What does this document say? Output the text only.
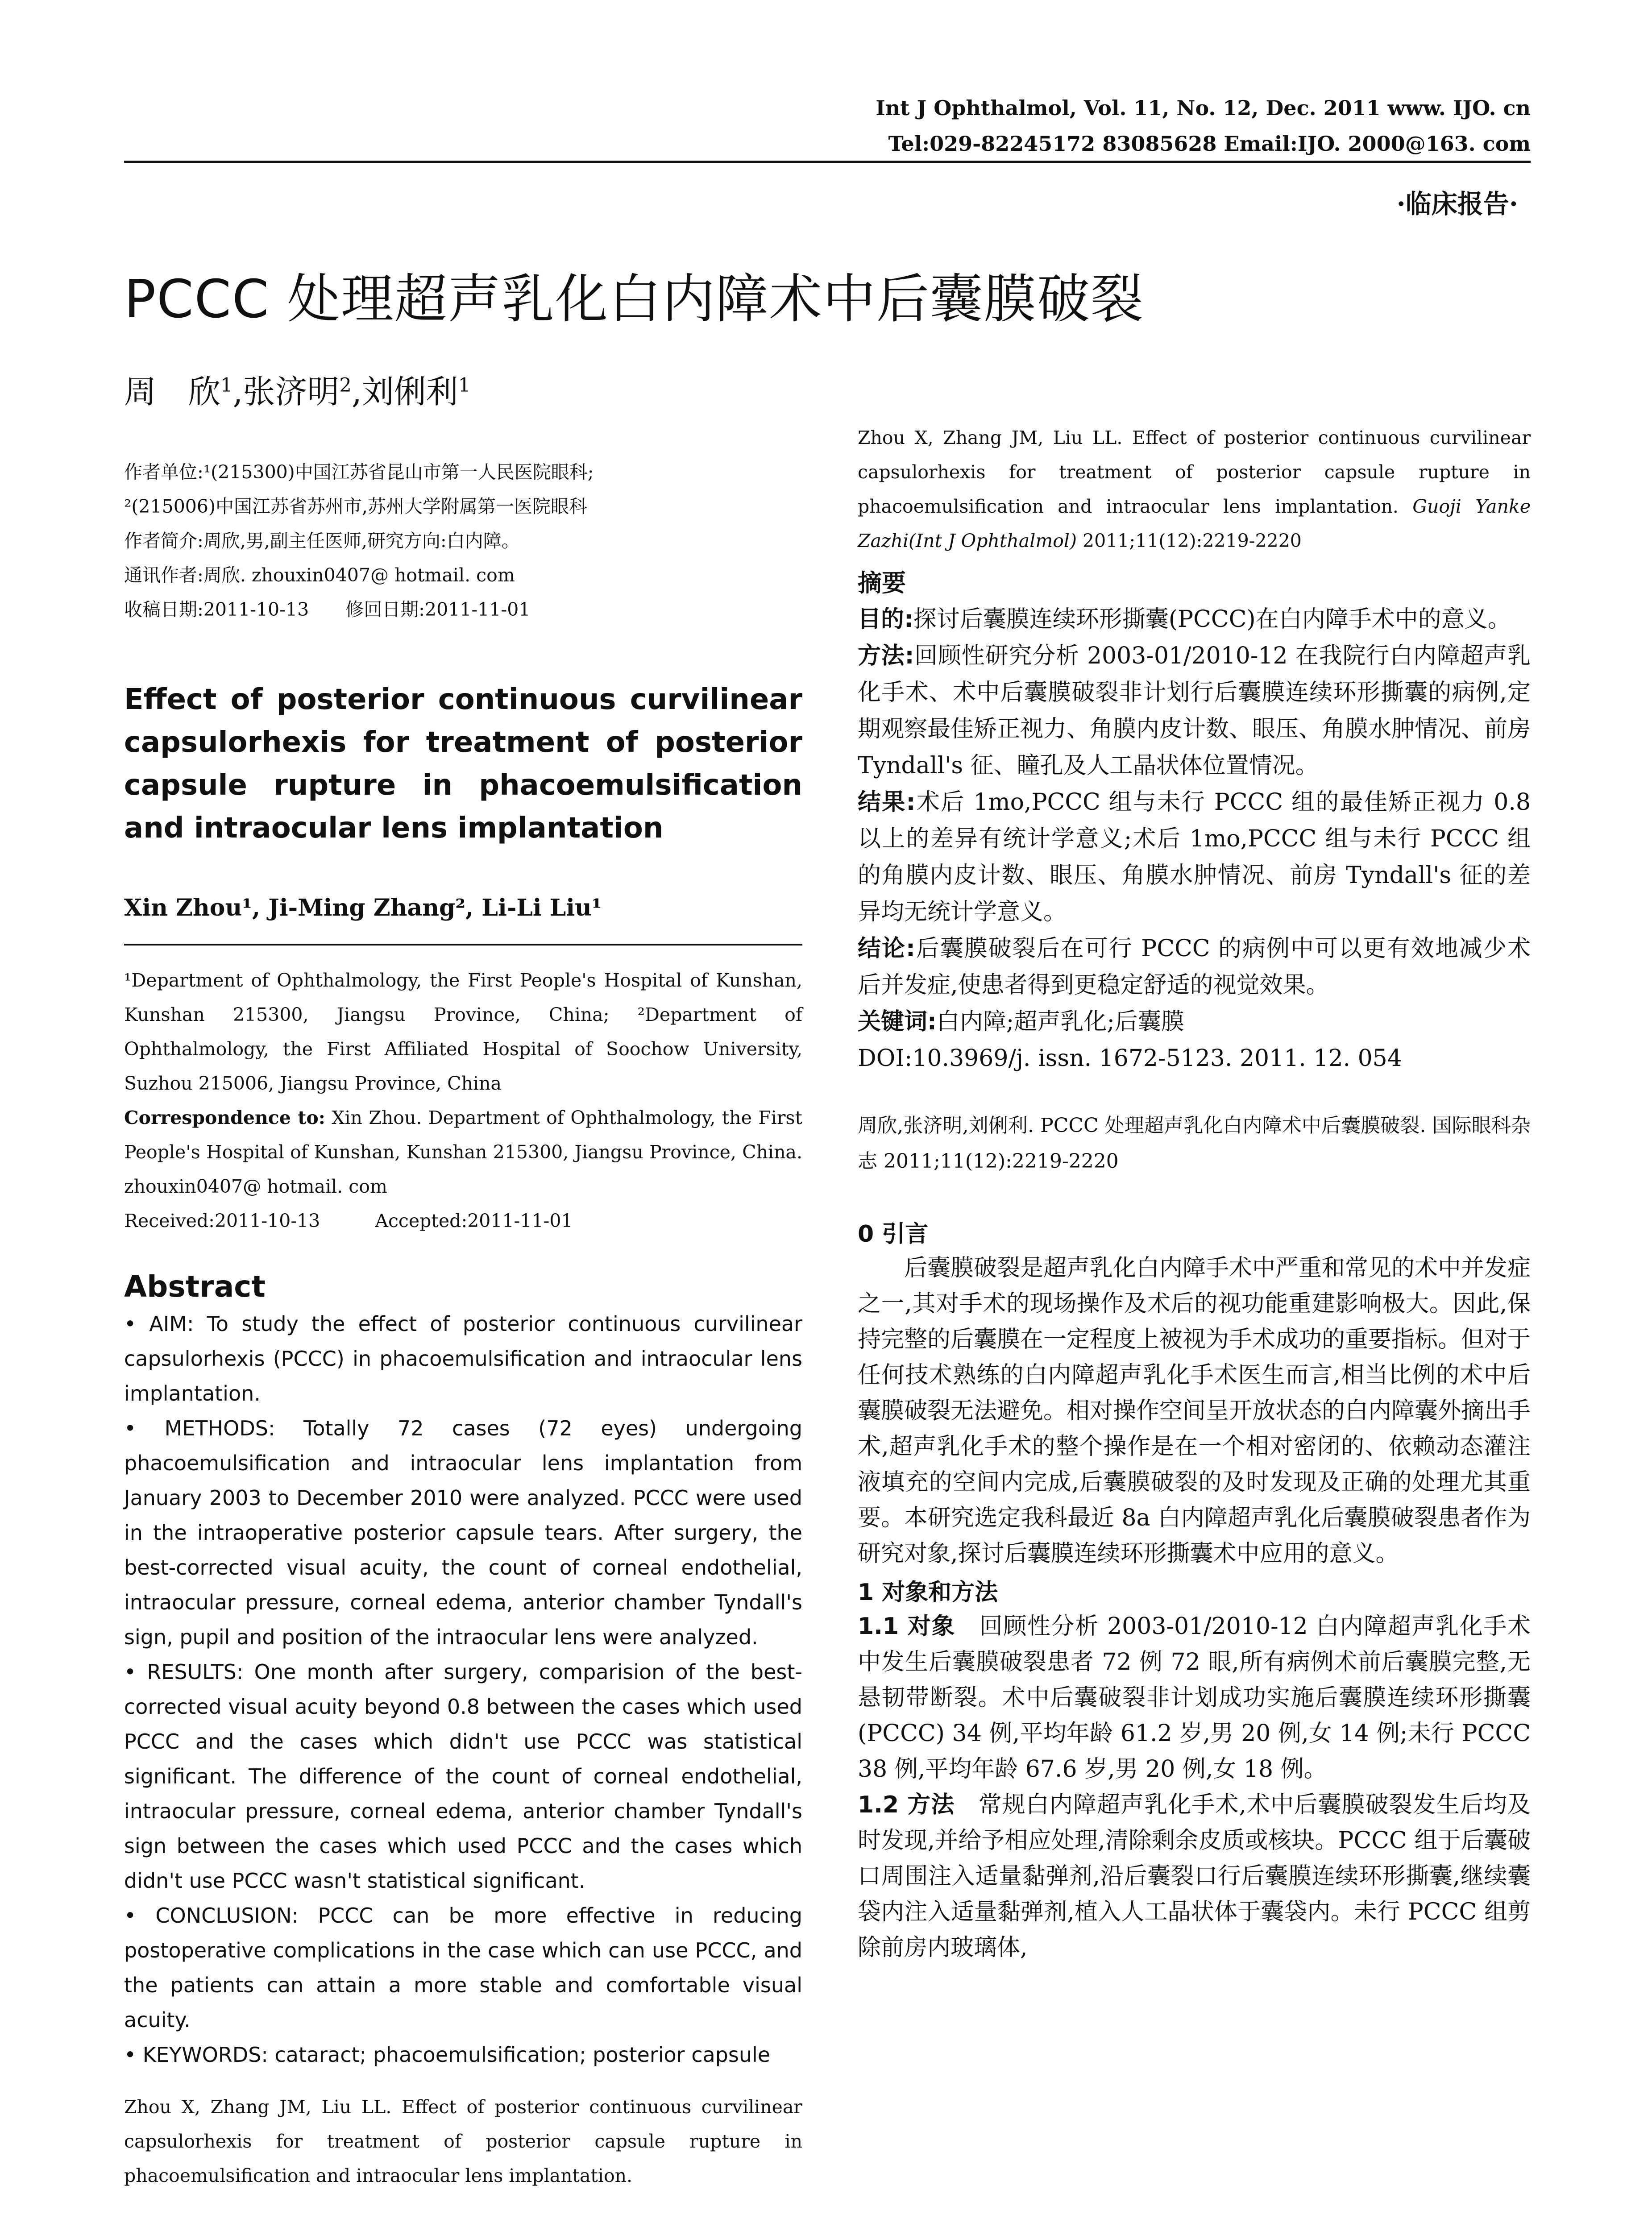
Int J Ophthalmol, Vol. 11, No. 12, Dec. 2011 www. IJO. cn
Tel:029-82245172 83085628 Email:IJO. 2000@163. com
·临床报告·
PCCC 处理超声乳化白内障术中后囊膜破裂
周　欣$^1$,张济明$^2$,刘俐利$^1$
作者单位:¹(215300)中国江苏省昆山市第一人民医院眼科;
²(215006)中国江苏省苏州市,苏州大学附属第一医院眼科
作者简介:周欣,男,副主任医师,研究方向:白内障。
通讯作者:周欣. zhouxin0407@ hotmail. com
收稿日期:2011-10-13　　修回日期:2011-11-01
Effect of posterior continuous curvilinear capsulorhexis for treatment of posterior capsule rupture in phacoemulsification and intraocular lens implantation
Xin Zhou¹, Ji-Ming Zhang², Li-Li Liu¹
¹Department of Ophthalmology, the First People's Hospital of Kunshan, Kunshan 215300, Jiangsu Province, China; ²Department of Ophthalmology, the First Affiliated Hospital of Soochow University, Suzhou 215006, Jiangsu Province, China
Correspondence to: Xin Zhou. Department of Ophthalmology, the First People's Hospital of Kunshan, Kunshan 215300, Jiangsu Province, China. zhouxin0407@ hotmail. com
Received:2011-10-13　　　Accepted:2011-11-01
Abstract

• AIM: To study the effect of posterior continuous curvilinear capsulorhexis (PCCC) in phacoemulsification and intraocular lens implantation.

• METHODS: Totally 72 cases (72 eyes) undergoing phacoemulsification and intraocular lens implantation from January 2003 to December 2010 were analyzed. PCCC were used in the intraoperative posterior capsule tears. After surgery, the best-corrected visual acuity, the count of corneal endothelial, intraocular pressure, corneal edema, anterior chamber Tyndall's sign, pupil and position of the intraocular lens were analyzed.

• RESULTS: One month after surgery, comparision of the best-corrected visual acuity beyond 0.8 between the cases which used PCCC and the cases which didn't use PCCC was statistical significant. The difference of the count of corneal endothelial, intraocular pressure, corneal edema, anterior chamber Tyndall's sign between the cases which used PCCC and the cases which didn't use PCCC wasn't statistical significant.

• CONCLUSION: PCCC can be more effective in reducing postoperative complications in the case which can use PCCC, and the patients can attain a more stable and comfortable visual acuity.

• KEYWORDS: cataract; phacoemulsification; posterior capsule

Zhou X, Zhang JM, Liu LL. Effect of posterior continuous curvilinear capsulorhexis for treatment of posterior capsule rupture in phacoemulsification and intraocular lens implantation.
Zhou X, Zhang JM, Liu LL. Effect of posterior continuous curvilinear capsulorhexis for treatment of posterior capsule rupture in phacoemulsification and intraocular lens implantation. Guoji Yanke Zazhi(Int J Ophthalmol) 2011;11(12):2219-2220
摘要

目的:探讨后囊膜连续环形撕囊(PCCC)在白内障手术中的意义。

方法:回顾性研究分析 2003-01/2010-12 在我院行白内障超声乳化手术、术中后囊膜破裂非计划行后囊膜连续环形撕囊的病例,定期观察最佳矫正视力、角膜内皮计数、眼压、角膜水肿情况、前房 Tyndall's 征、瞳孔及人工晶状体位置情况。

结果:术后 1mo,PCCC 组与未行 PCCC 组的最佳矫正视力 0.8 以上的差异有统计学意义;术后 1mo,PCCC 组与未行 PCCC 组的角膜内皮计数、眼压、角膜水肿情况、前房 Tyndall's 征的差异均无统计学意义。

结论:后囊膜破裂后在可行 PCCC 的病例中可以更有效地减少术后并发症,使患者得到更稳定舒适的视觉效果。

关键词:白内障;超声乳化;后囊膜

DOI:10.3969/j. issn. 1672-5123. 2011. 12. 054

周欣,张济明,刘俐利. PCCC 处理超声乳化白内障术中后囊膜破裂. 国际眼科杂志 2011;11(12):2219-2220
0 引言
后囊膜破裂是超声乳化白内障手术中严重和常见的术中并发症之一,其对手术的现场操作及术后的视功能重建影响极大。因此,保持完整的后囊膜在一定程度上被视为手术成功的重要指标。但对于任何技术熟练的白内障超声乳化手术医生而言,相当比例的术中后囊膜破裂无法避免。相对操作空间呈开放状态的白内障囊外摘出手术,超声乳化手术的整个操作是在一个相对密闭的、依赖动态灌注液填充的空间内完成,后囊膜破裂的及时发现及正确的处理尤其重要。本研究选定我科最近 8a 白内障超声乳化后囊膜破裂患者作为研究对象,探讨后囊膜连续环形撕囊术中应用的意义。
1 对象和方法
1.1 对象　回顾性分析 2003-01/2010-12 白内障超声乳化手术中发生后囊膜破裂患者 72 例 72 眼,所有病例术前后囊膜完整,无悬韧带断裂。术中后囊破裂非计划成功实施后囊膜连续环形撕囊(PCCC) 34 例,平均年龄 61.2 岁,男 20 例,女 14 例;未行 PCCC 38 例,平均年龄 67.6 岁,男 20 例,女 18 例。
1.2 方法　常规白内障超声乳化手术,术中后囊膜破裂发生后均及时发现,并给予相应处理,清除剩余皮质或核块。PCCC 组于后囊破口周围注入适量黏弹剂,沿后囊裂口行后囊膜连续环形撕囊,继续囊袋内注入适量黏弹剂,植入人工晶状体于囊袋内。未行 PCCC 组剪除前房内玻璃体,
